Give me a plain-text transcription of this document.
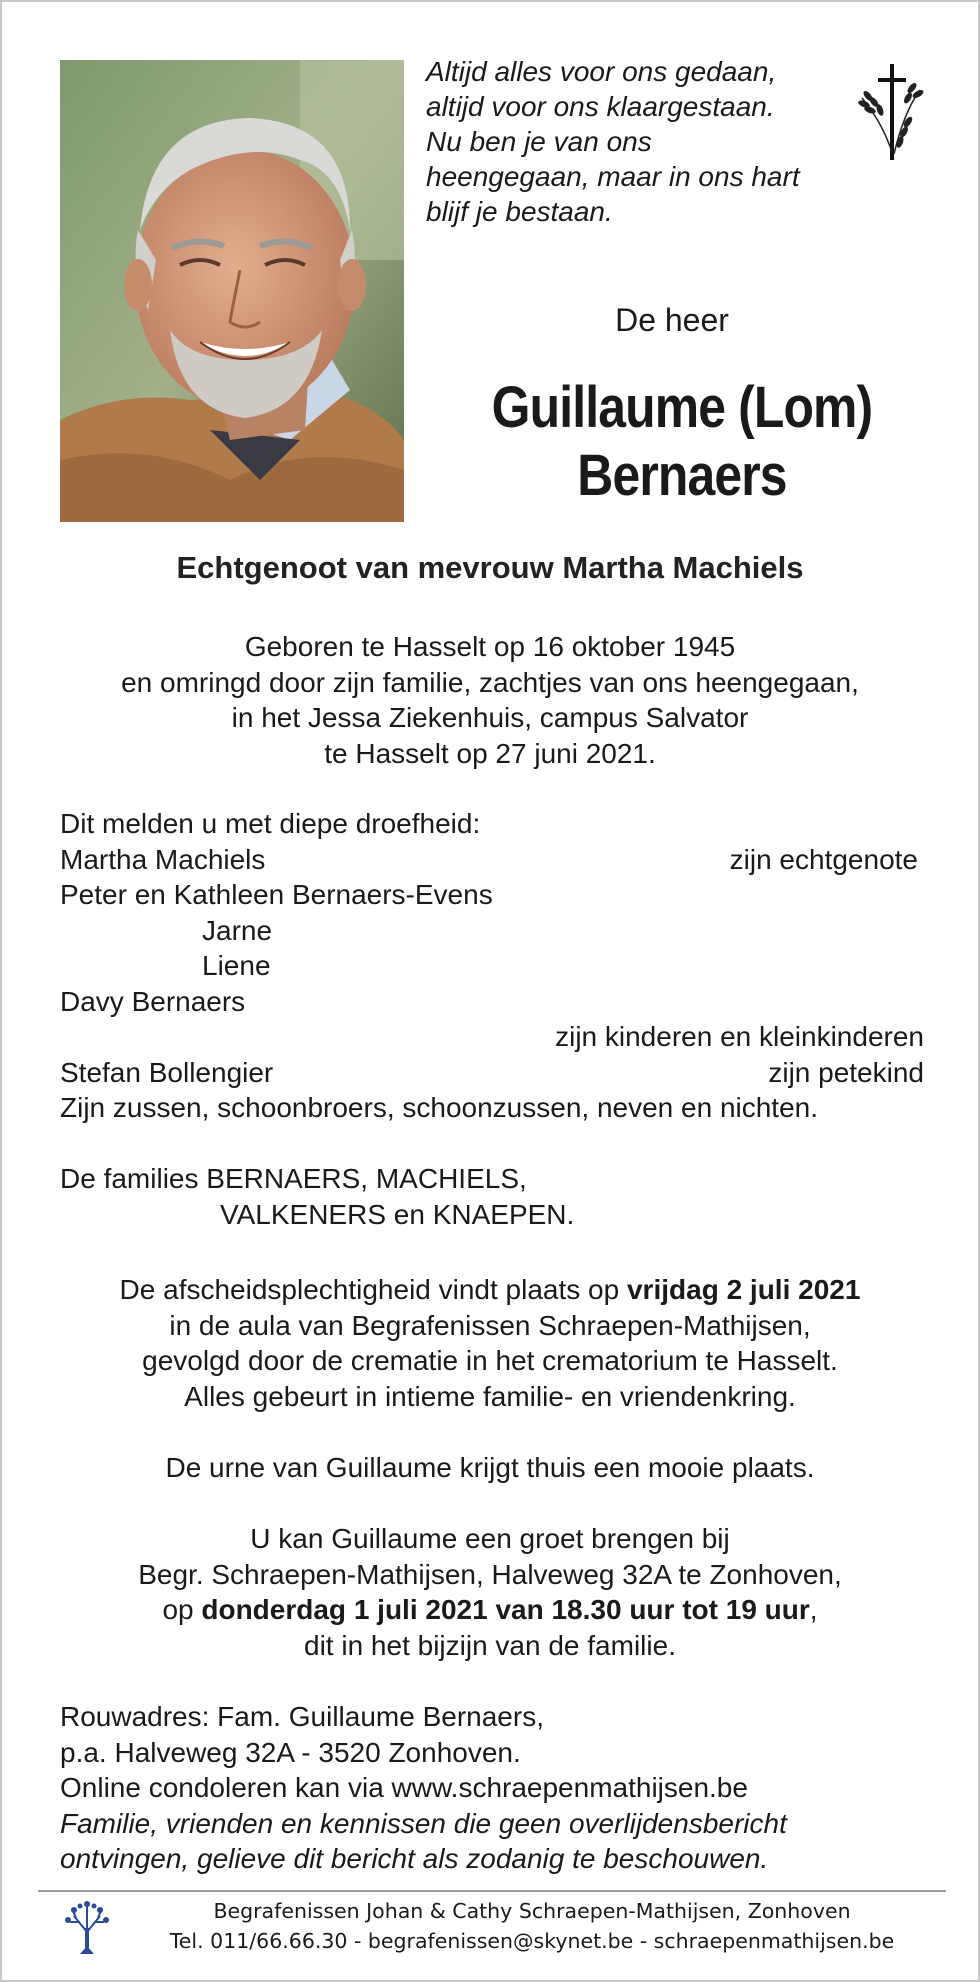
Altijd alles voor ons gedaan,
altijd voor ons klaargestaan.
Nu ben je van ons
heengegaan, maar in ons hart
blijf je bestaan.
De heer
Guillaume (Lom)
Bernaers
Echtgenoot van mevrouw Martha Machiels
Geboren te Hasselt op 16 oktober 1945
en omringd door zijn familie, zachtjes van ons heengegaan,
in het Jessa Ziekenhuis, campus Salvator
te Hasselt op 27 juni 2021.
Dit melden u met diepe droefheid:
Martha Machiels	zijn echtgenote
Peter en Kathleen Bernaers-Evens
Jarne
Liene
Davy Bernaers
zijn kinderen en kleinkinderen
Stefan Bollengier	zijn petekind
Zijn zussen, schoonbroers, schoonzussen, neven en nichten.
De families BERNAERS, MACHIELS,
VALKENERS en KNAEPEN.
De afscheidsplechtigheid vindt plaats op vrijdag 2 juli 2021
in de aula van Begrafenissen Schraepen-Mathijsen,
gevolgd door de crematie in het crematorium te Hasselt.
Alles gebeurt in intieme familie- en vriendenkring.
De urne van Guillaume krijgt thuis een mooie plaats.
U kan Guillaume een groet brengen bij
Begr. Schraepen-Mathijsen, Halveweg 32A te Zonhoven,
op donderdag 1 juli 2021 van 18.30 uur tot 19 uur,
dit in het bijzijn van de familie.
Rouwadres: Fam. Guillaume Bernaers,
p.a. Halveweg 32A - 3520 Zonhoven.
Online condoleren kan via www.schraepenmathijsen.be
Familie, vrienden en kennissen die geen overlijdensbericht
ontvingen, gelieve dit bericht als zodanig te beschouwen.
Begrafenissen Johan & Cathy Schraepen-Mathijsen, Zonhoven
Tel. 011/66.66.30 - begrafenissen@skynet.be - schraepenmathijsen.be
